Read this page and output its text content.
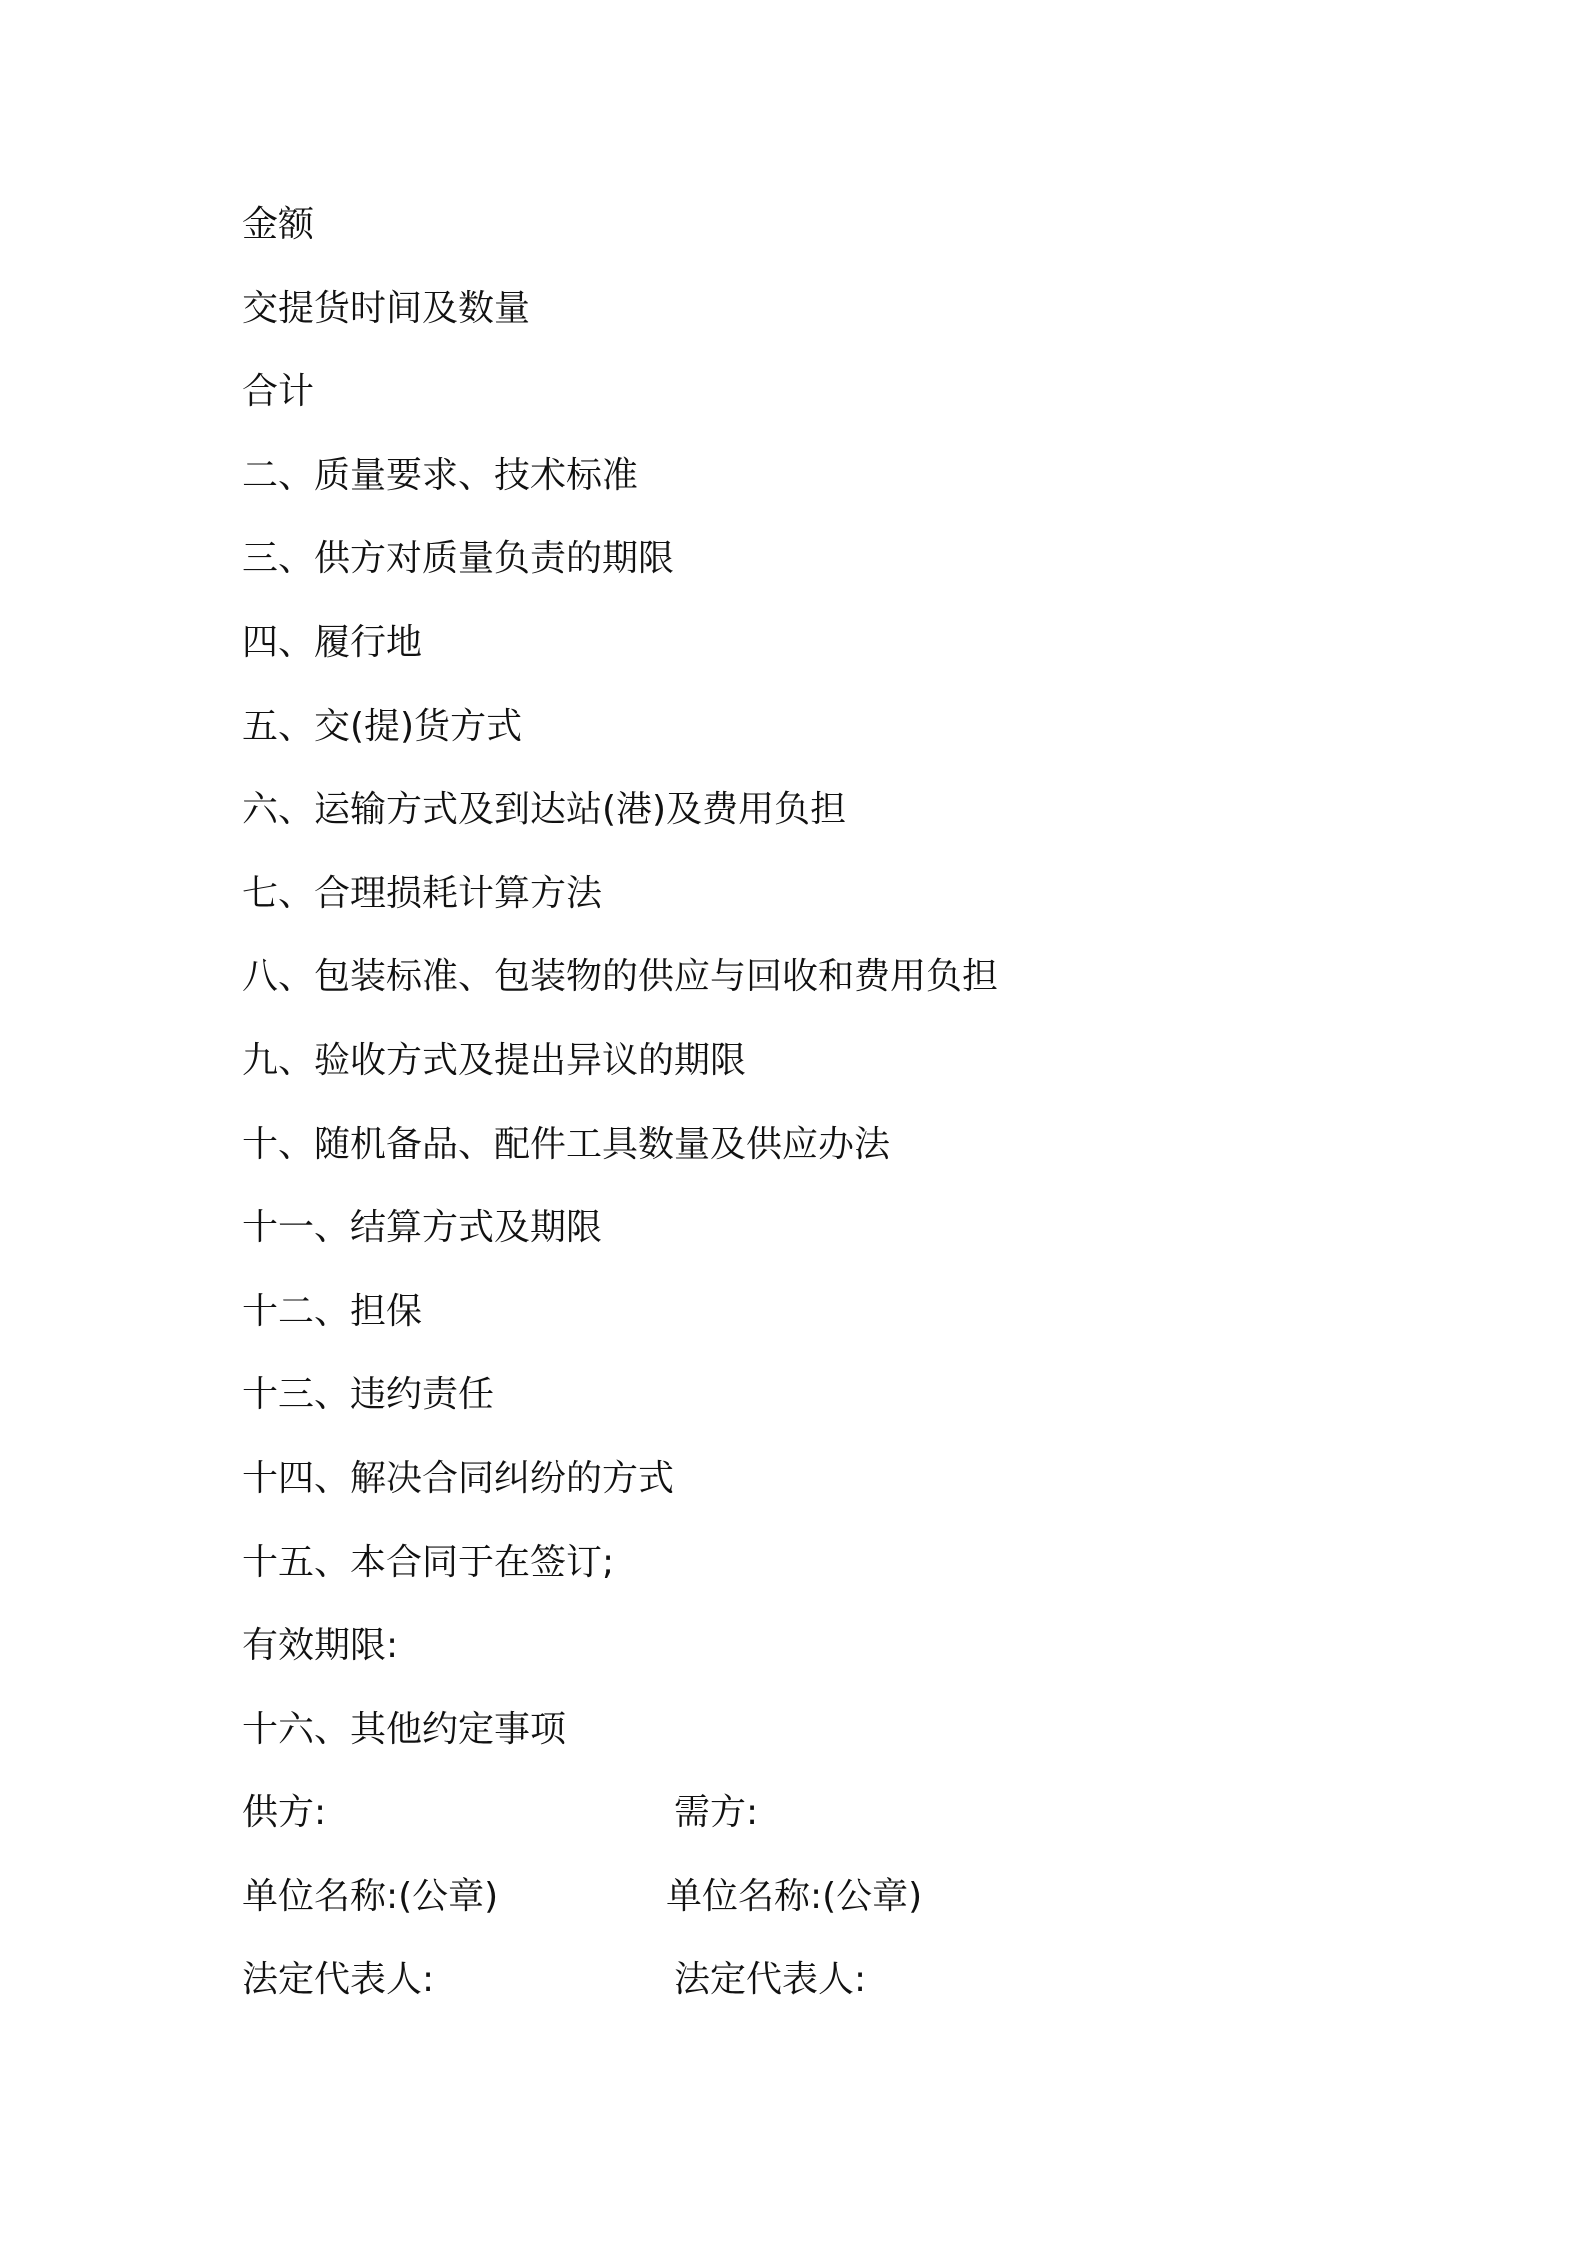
金额
交提货时间及数量
合计
二、质量要求、技术标准
三、供方对质量负责的期限
四、履行地
五、交(提)货方式
六、运输方式及到达站(港)及费用负担
七、合理损耗计算方法
八、包装标准、包装物的供应与回收和费用负担
九、验收方式及提出异议的期限
十、随机备品、配件工具数量及供应办法
十一、结算方式及期限
十二、担保
十三、违约责任
十四、解决合同纠纷的方式
十五、本合同于在签订;
有效期限:
十六、其他约定事项
供方:	需方:
单位名称:(公章)	单位名称:(公章)
法定代表人:	法定代表人:
